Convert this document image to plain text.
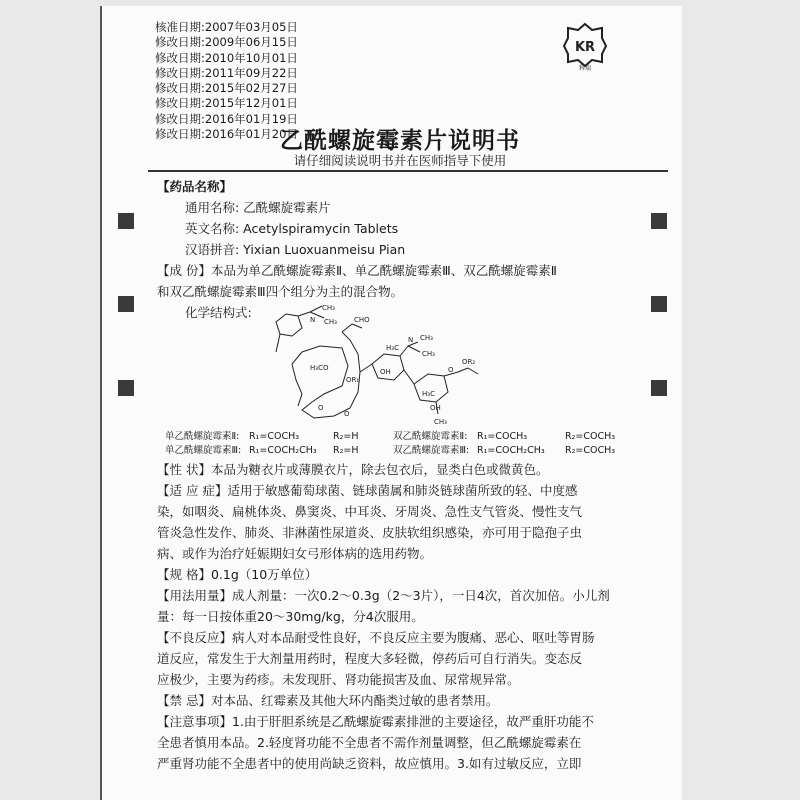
核准日期:2007年03月05日
修改日期:2009年06月15日
修改日期:2010年10月01日
修改日期:2011年09月22日
修改日期:2015年02月27日
修改日期:2015年12月01日
修改日期:2016年01月19日
修改日期:2016年01月20日
KR
科瑞
乙酰螺旋霉素片说明书
请仔细阅读说明书并在医师指导下使用
【药品名称】
通用名称: 乙酰螺旋霉素片
英文名称: Acetylspiramycin Tablets
汉语拼音: Yixian Luoxuanmeisu Pian
【成 份】本品为单乙酰螺旋霉素Ⅱ、单乙酰螺旋霉素Ⅲ、双乙酰螺旋霉素Ⅱ
和双乙酰螺旋霉素Ⅲ四个组分为主的混合物。
化学结构式:	CH₃
N CH₃ CHO
H₃CO
OR₁
O
O
OH
H₃C
N CH₃
CH₃
O
OR₂
H₃C
OH
CH₃
单乙酰螺旋霉素Ⅱ: R₁=COCH₃	R₂=H	双乙酰螺旋霉素Ⅱ: R₁=COCH₃	R₂=COCH₃
单乙酰螺旋霉素Ⅲ: R₁=COCH₂CH₃ R₂=H	双乙酰螺旋霉素Ⅲ: R₁=COCH₂CH₃ R₂=COCH₃
【性 状】本品为糖衣片或薄膜衣片，除去包衣后，显类白色或微黄色。
【适 应 症】适用于敏感葡萄球菌、链球菌属和肺炎链球菌所致的轻、中度感
染，如咽炎、扁桃体炎、鼻窦炎、中耳炎、牙周炎、急性支气管炎、慢性支气
管炎急性发作、肺炎、非淋菌性尿道炎、皮肤软组织感染，亦可用于隐孢子虫
病、或作为治疗妊娠期妇女弓形体病的选用药物。
【规 格】0.1g（10万单位）
【用法用量】成人剂量：一次0.2～0.3g（2～3片），一日4次，首次加倍。小儿剂
量：每一日按体重20～30mg/kg，分4次服用。
【不良反应】病人对本品耐受性良好，不良反应主要为腹痛、恶心、呕吐等胃肠
道反应，常发生于大剂量用药时，程度大多轻微，停药后可自行消失。变态反
应极少，主要为药疹。未发现肝、肾功能损害及血、尿常规异常。
【禁 忌】对本品、红霉素及其他大环内酯类过敏的患者禁用。
【注意事项】1.由于肝胆系统是乙酰螺旋霉素排泄的主要途径，故严重肝功能不
全患者慎用本品。2.轻度肾功能不全患者不需作剂量调整，但乙酰螺旋霉素在
严重肾功能不全患者中的使用尚缺乏资料，故应慎用。3.如有过敏反应，立即
